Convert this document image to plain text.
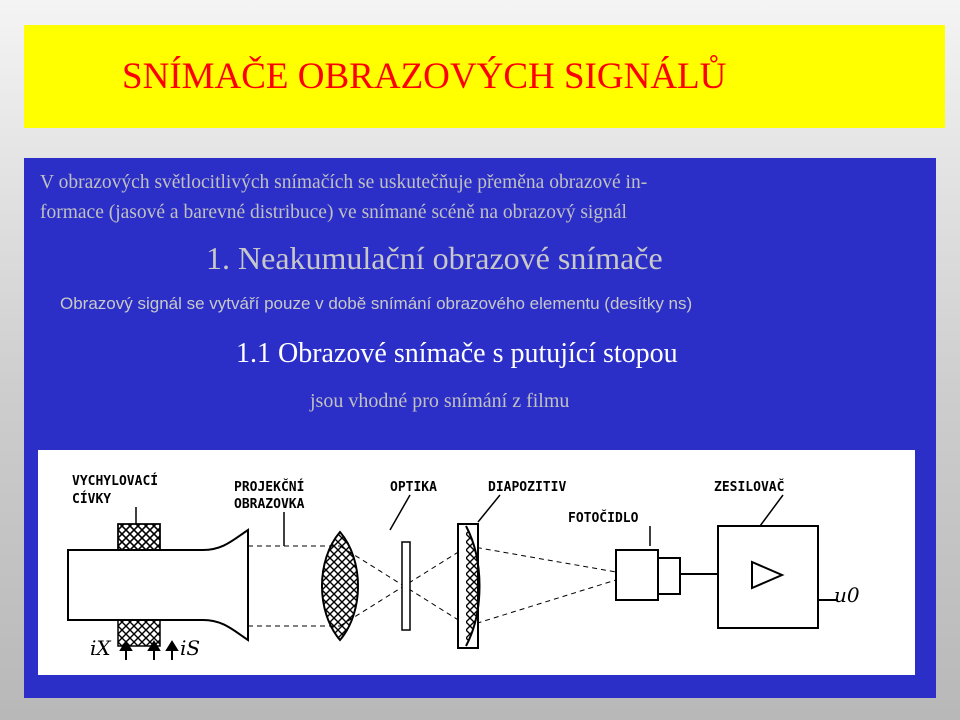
SNÍMAČE OBRAZOVÝCH SIGNÁLŮ
V obrazových světlocitlivých snímačích se uskutečňuje přeměna obrazové in-
formace (jasové a barevné distribuce) ve snímané scéně na obrazový signál
1. Neakumulační obrazové snímače
Obrazový signál se vytváří pouze v době snímání obrazového elementu (desítky ns)
1.1 Obrazové snímače s putující stopou
jsou vhodné pro snímání z filmu
VYCHYLOVACÍ
CÍVKY
PROJEKČNÍ
OBRAZOVKA
OPTIKA	DIAPOZITIV
FOTOČIDLO
ZESILOVAČ
iX	iS
u0
